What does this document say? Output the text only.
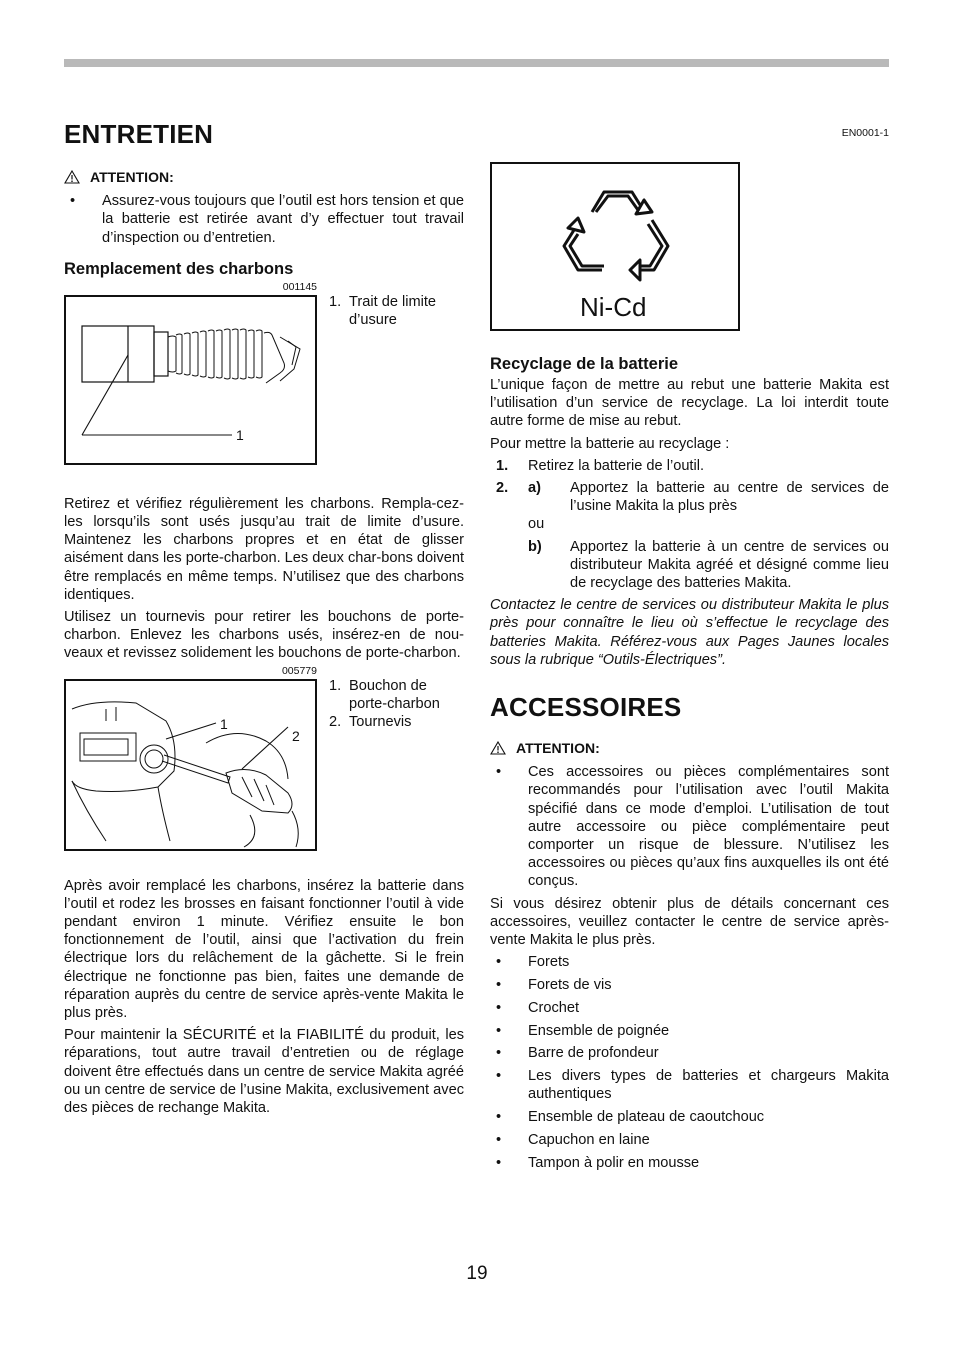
EN0001-1
ENTRETIEN
ATTENTION:
•	Assurez-vous toujours que l’outil est hors tension et que la batterie est retirée avant d’y effectuer tout travail d’inspection ou d’entretien.
Remplacement des charbons
001145
1
1. Trait de limite d’usure

Retirez et vérifiez régulièrement les charbons. Rempla-cez-les lorsqu’ils sont usés jusqu’au trait de limite d’usure. Maintenez les charbons propres et en état de glisser aisément dans les porte-charbon. Les deux char-bons doivent être remplacés en même temps. N’utilisez que des charbons identiques.

Utilisez un tournevis pour retirer les bouchons de porte-charbon. Enlevez les charbons usés, insérez-en de nou-veaux et revissez solidement les bouchons de porte-charbon.

005779
1
2
1. Bouchon de porte-charbon
2. Tournevis

Après avoir remplacé les charbons, insérez la batterie dans l’outil et rodez les brosses en faisant fonctionner l’outil à vide pendant environ 1 minute. Vérifiez ensuite le bon fonctionnement de l’outil, ainsi que l’activation du frein électrique lors du relâchement de la gâchette. Si le frein électrique ne fonctionne pas bien, faites une demande de réparation auprès du centre de service après-vente Makita le plus près.

Pour maintenir la SÉCURITÉ et la FIABILITÉ du produit, les réparations, tout autre travail d’entretien ou de réglage doivent être effectués dans un centre de service Makita agréé ou un centre de service de l’usine Makita, exclusivement avec des pièces de rechange Makita.

Ni-Cd
Recyclage de la batterie

L’unique façon de mettre au rebut une batterie Makita est l’utilisation d’un service de recyclage. La loi interdit toute autre forme de mise au rebut.

Pour mettre la batterie au recyclage :

1.	Retirez la batterie de l’outil.
2.	a)	Apportez la batterie au centre de services de l’usine Makita la plus près
ou
b)	Apportez la batterie à un centre de services ou distributeur Makita agréé et désigné comme lieu de recyclage des batteries Makita.

Contactez le centre de services ou distributeur Makita le plus près pour connaître le lieu où s’effectue le recyclage des batteries Makita. Référez-vous aux Pages Jaunes locales sous la rubrique “Outils-Électriques”.

ACCESSOIRES
ATTENTION:
•	Ces accessoires ou pièces complémentaires sont recommandés pour l’utilisation avec l’outil Makita spécifié dans ce mode d’emploi. L’utilisation de tout autre accessoire ou pièce complémentaire peut comporter un risque de blessure. N’utilisez les accessoires ou pièces qu’aux fins auxquelles ils ont été conçus.

Si vous désirez obtenir plus de détails concernant ces accessoires, veuillez contacter le centre de service après-vente Makita le plus près.

•	Forets
•	Forets de vis
•	Crochet
•	Ensemble de poignée
•	Barre de profondeur
•	Les divers types de batteries et chargeurs Makita authentiques
•	Ensemble de plateau de caoutchouc
•	Capuchon en laine
•	Tampon à polir en mousse
19
